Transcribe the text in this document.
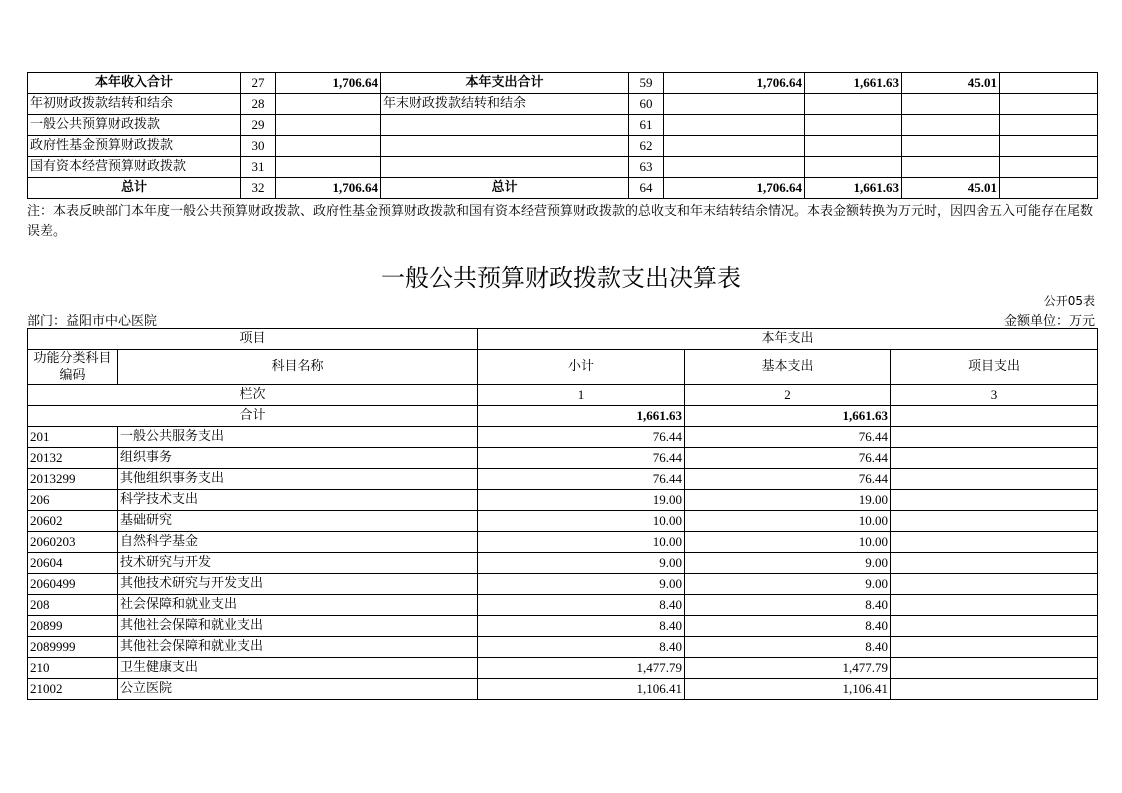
本年收入合计	27	1,706.64	本年支出合计	59	1,706.64	1,661.63	45.01	
年初财政拨款结转和结余	28		年末财政拨款结转和结余	60				
一般公共预算财政拨款	29			61				
政府性基金预算财政拨款	30			62				
国有资本经营预算财政拨款	31			63				
总计	32	1,706.64	总计	64	1,706.64	1,661.63	45.01	
注：本表反映部门本年度一般公共预算财政拨款、政府性基金预算财政拨款和国有资本经营预算财政拨款的总收支和年末结转结余情况。本表金额转换为万元时，因四舍五入可能存在尾数误差。
一般公共预算财政拨款支出决算表
公开05表
部门：益阳市中心医院	金额单位：万元
项目		本年支出		
功能分类科目编码	科目名称	小计	基本支出	项目支出
栏次		1	2	3
合计		1,661.63	1,661.63	
201	一般公共服务支出	76.44	76.44	
20132	组织事务	76.44	76.44	
2013299	其他组织事务支出	76.44	76.44	
206	科学技术支出	19.00	19.00	
20602	基础研究	10.00	10.00	
2060203	自然科学基金	10.00	10.00	
20604	技术研究与开发	9.00	9.00	
2060499	其他技术研究与开发支出	9.00	9.00	
208	社会保障和就业支出	8.40	8.40	
20899	其他社会保障和就业支出	8.40	8.40	
2089999	其他社会保障和就业支出	8.40	8.40	
210	卫生健康支出	1,477.79	1,477.79	
21002	公立医院	1,106.41	1,106.41	
